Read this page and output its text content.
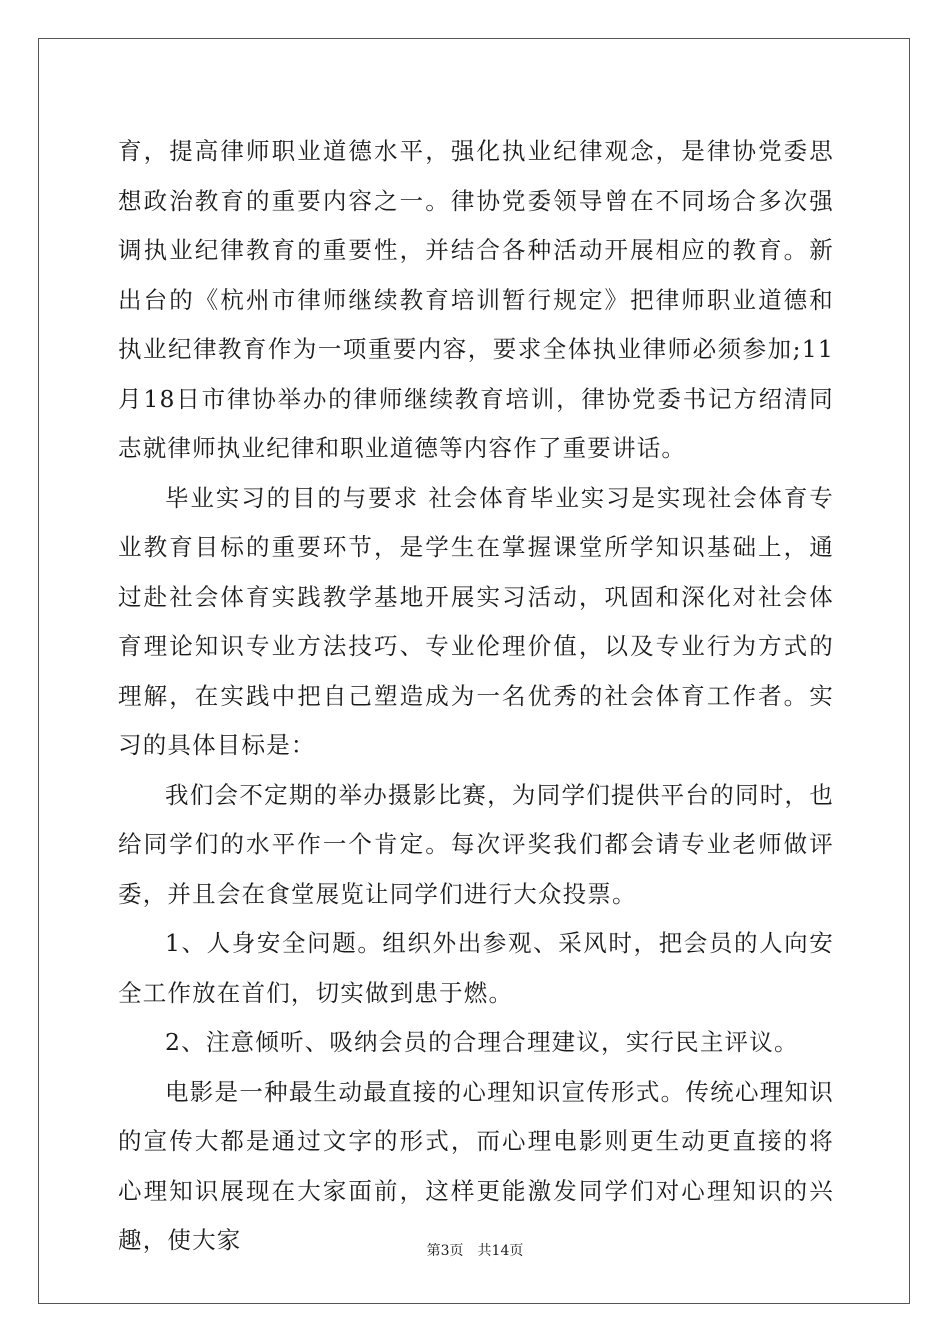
育，提高律师职业道德水平，强化执业纪律观念，是律协党委思想政治教育的重要内容之一。律协党委领导曾在不同场合多次强调执业纪律教育的重要性，并结合各种活动开展相应的教育。新出台的《杭州市律师继续教育培训暂行规定》把律师职业道德和执业纪律教育作为一项重要内容，要求全体执业律师必须参加;11月18日市律协举办的律师继续教育培训，律协党委书记方绍清同志就律师执业纪律和职业道德等内容作了重要讲话。

毕业实习的目的与要求 社会体育毕业实习是实现社会体育专业教育目标的重要环节，是学生在掌握课堂所学知识基础上，通过赴社会体育实践教学基地开展实习活动，巩固和深化对社会体育理论知识专业方法技巧、专业伦理价值，以及专业行为方式的理解，在实践中把自己塑造成为一名优秀的社会体育工作者。实习的具体目标是：

我们会不定期的举办摄影比赛，为同学们提供平台的同时，也给同学们的水平作一个肯定。每次评奖我们都会请专业老师做评委，并且会在食堂展览让同学们进行大众投票。

1、人身安全问题。组织外出参观、采风时，把会员的人向安全工作放在首们，切实做到患于燃。

2、注意倾听、吸纳会员的合理合理建议，实行民主评议。

电影是一种最生动最直接的心理知识宣传形式。传统心理知识的宣传大都是通过文字的形式，而心理电影则更生动更直接的将心理知识展现在大家面前，这样更能激发同学们对心理知识的兴趣，使大家	第3页 共14页
